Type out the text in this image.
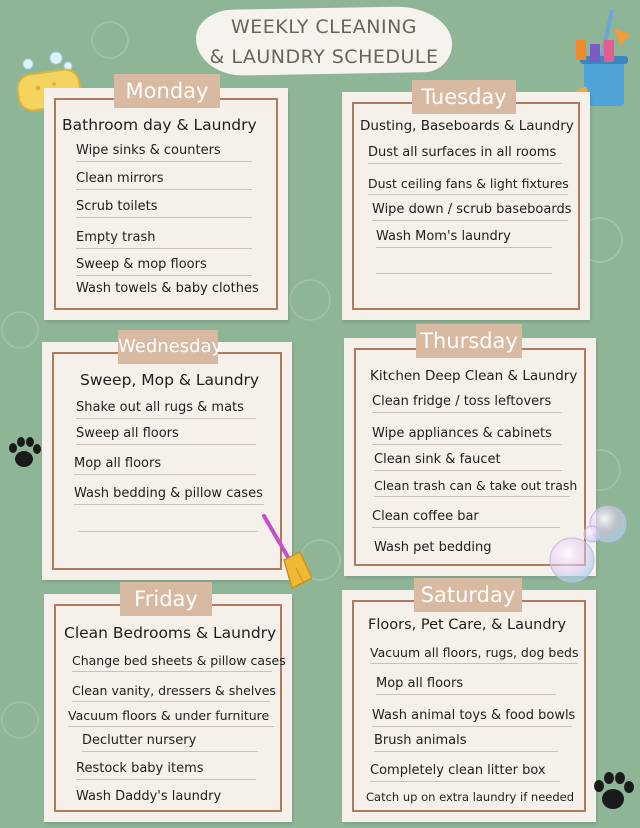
WEEKLY CLEANING
& LAUNDRY SCHEDULE
Monday
Bathroom day & Laundry
Wipe sinks & counters
Clean mirrors
Scrub toilets
Empty trash
Sweep & mop floors
Wash towels & baby clothes
Tuesday
Dusting, Baseboards & Laundry
Dust all surfaces in all rooms
Dust ceiling fans & light fixtures
Wipe down / scrub baseboards
Wash Mom's laundry
Wednesday
Sweep, Mop & Laundry
Shake out all rugs & mats
Sweep all floors
Mop all floors
Wash bedding & pillow cases
Thursday
Kitchen Deep Clean & Laundry
Clean fridge / toss leftovers
Wipe appliances & cabinets
Clean sink & faucet
Clean trash can & take out trash
Clean coffee bar
Wash pet bedding
Friday
Clean Bedrooms & Laundry
Change bed sheets & pillow cases
Clean vanity, dressers & shelves
Vacuum floors & under furniture
Declutter nursery
Restock baby items
Wash Daddy's laundry
Saturday
Floors, Pet Care, & Laundry
Vacuum all floors, rugs, dog beds
Mop all floors
Wash animal toys & food bowls
Brush animals
Completely clean litter box
Catch up on extra laundry if needed
